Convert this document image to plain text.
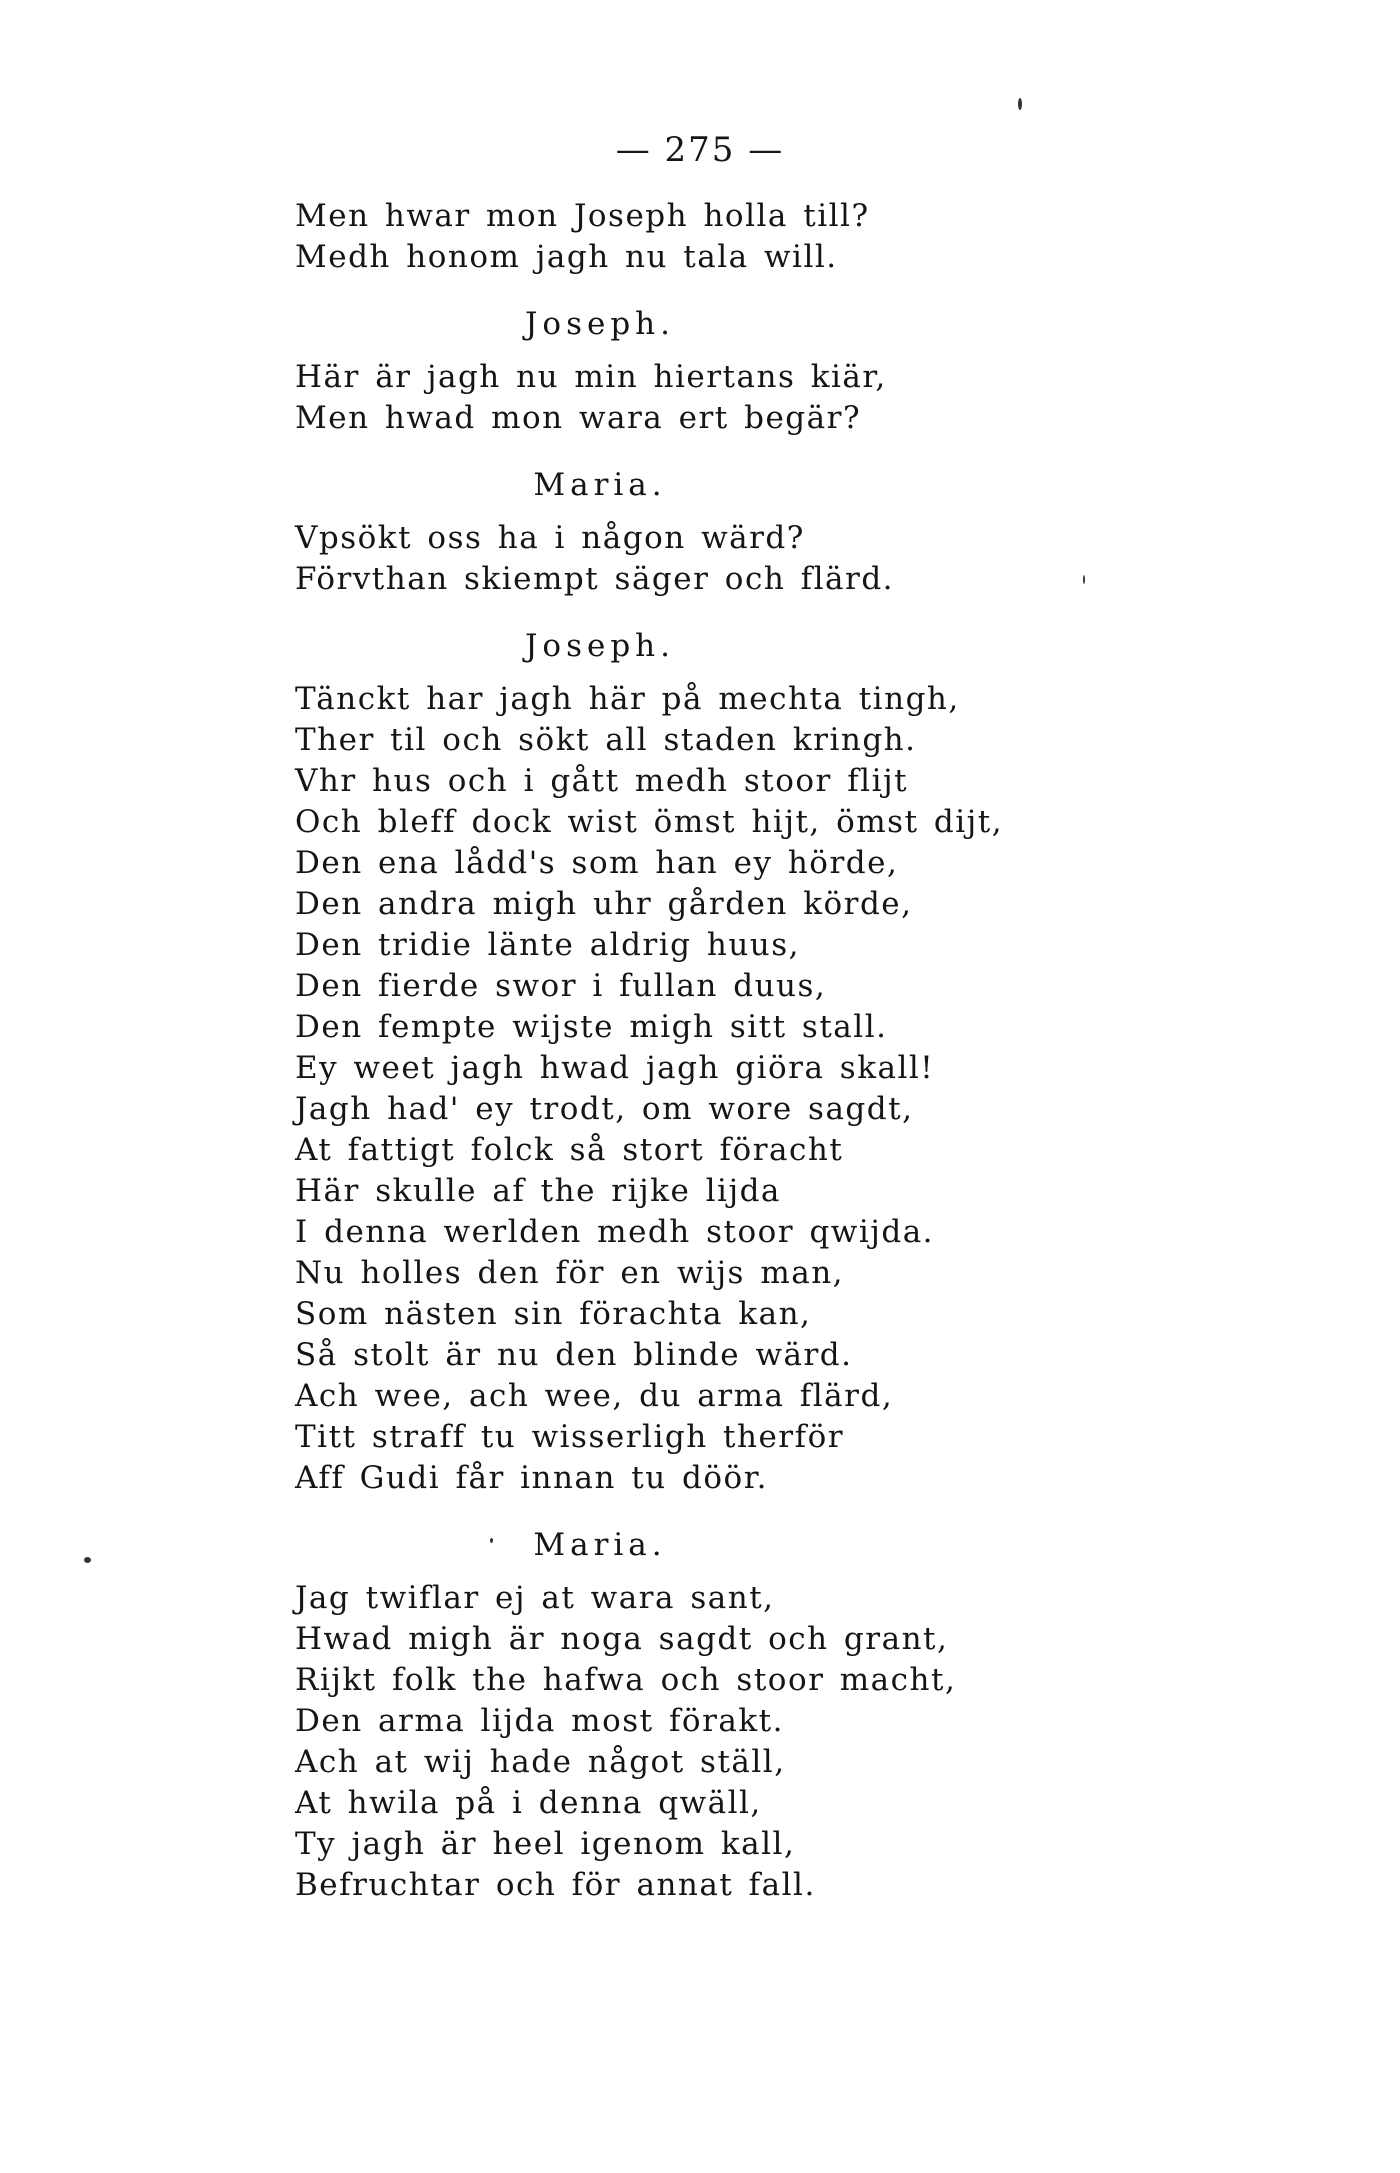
— 275 —
Men hwar mon Joseph holla till?
Medh honom jagh nu tala will.
Joseph.
Här är jagh nu min hiertans kiär,
Men hwad mon wara ert begär?
Maria.
Vpsökt oss ha i någon wärd?
Förvthan skiempt säger och flärd.
Joseph.
Tänckt har jagh här på mechta tingh,
Ther til och sökt all staden kringh.
Vhr hus och i gått medh stoor flijt
Och bleff dock wist ömst hijt, ömst dijt,
Den ena lådd's som han ey hörde,
Den andra migh uhr gården körde,
Den tridie länte aldrig huus,
Den fierde swor i fullan duus,
Den fempte wijste migh sitt stall.
Ey weet jagh hwad jagh giöra skall!
Jagh had' ey trodt, om wore sagdt,
At fattigt folck så stort föracht
Här skulle af the rijke lijda
I denna werlden medh stoor qwijda.
Nu holles den för en wijs man,
Som nästen sin förachta kan,
Så stolt är nu den blinde wärd.
Ach wee, ach wee, du arma flärd,
Titt straff tu wisserligh therför
Aff Gudi får innan tu döör.
Maria.
Jag twiflar ej at wara sant,
Hwad migh är noga sagdt och grant,
Rijkt folk the hafwa och stoor macht,
Den arma lijda most förakt.
Ach at wij hade något ställ,
At hwila på i denna qwäll,
Ty jagh är heel igenom kall,
Befruchtar och för annat fall.
